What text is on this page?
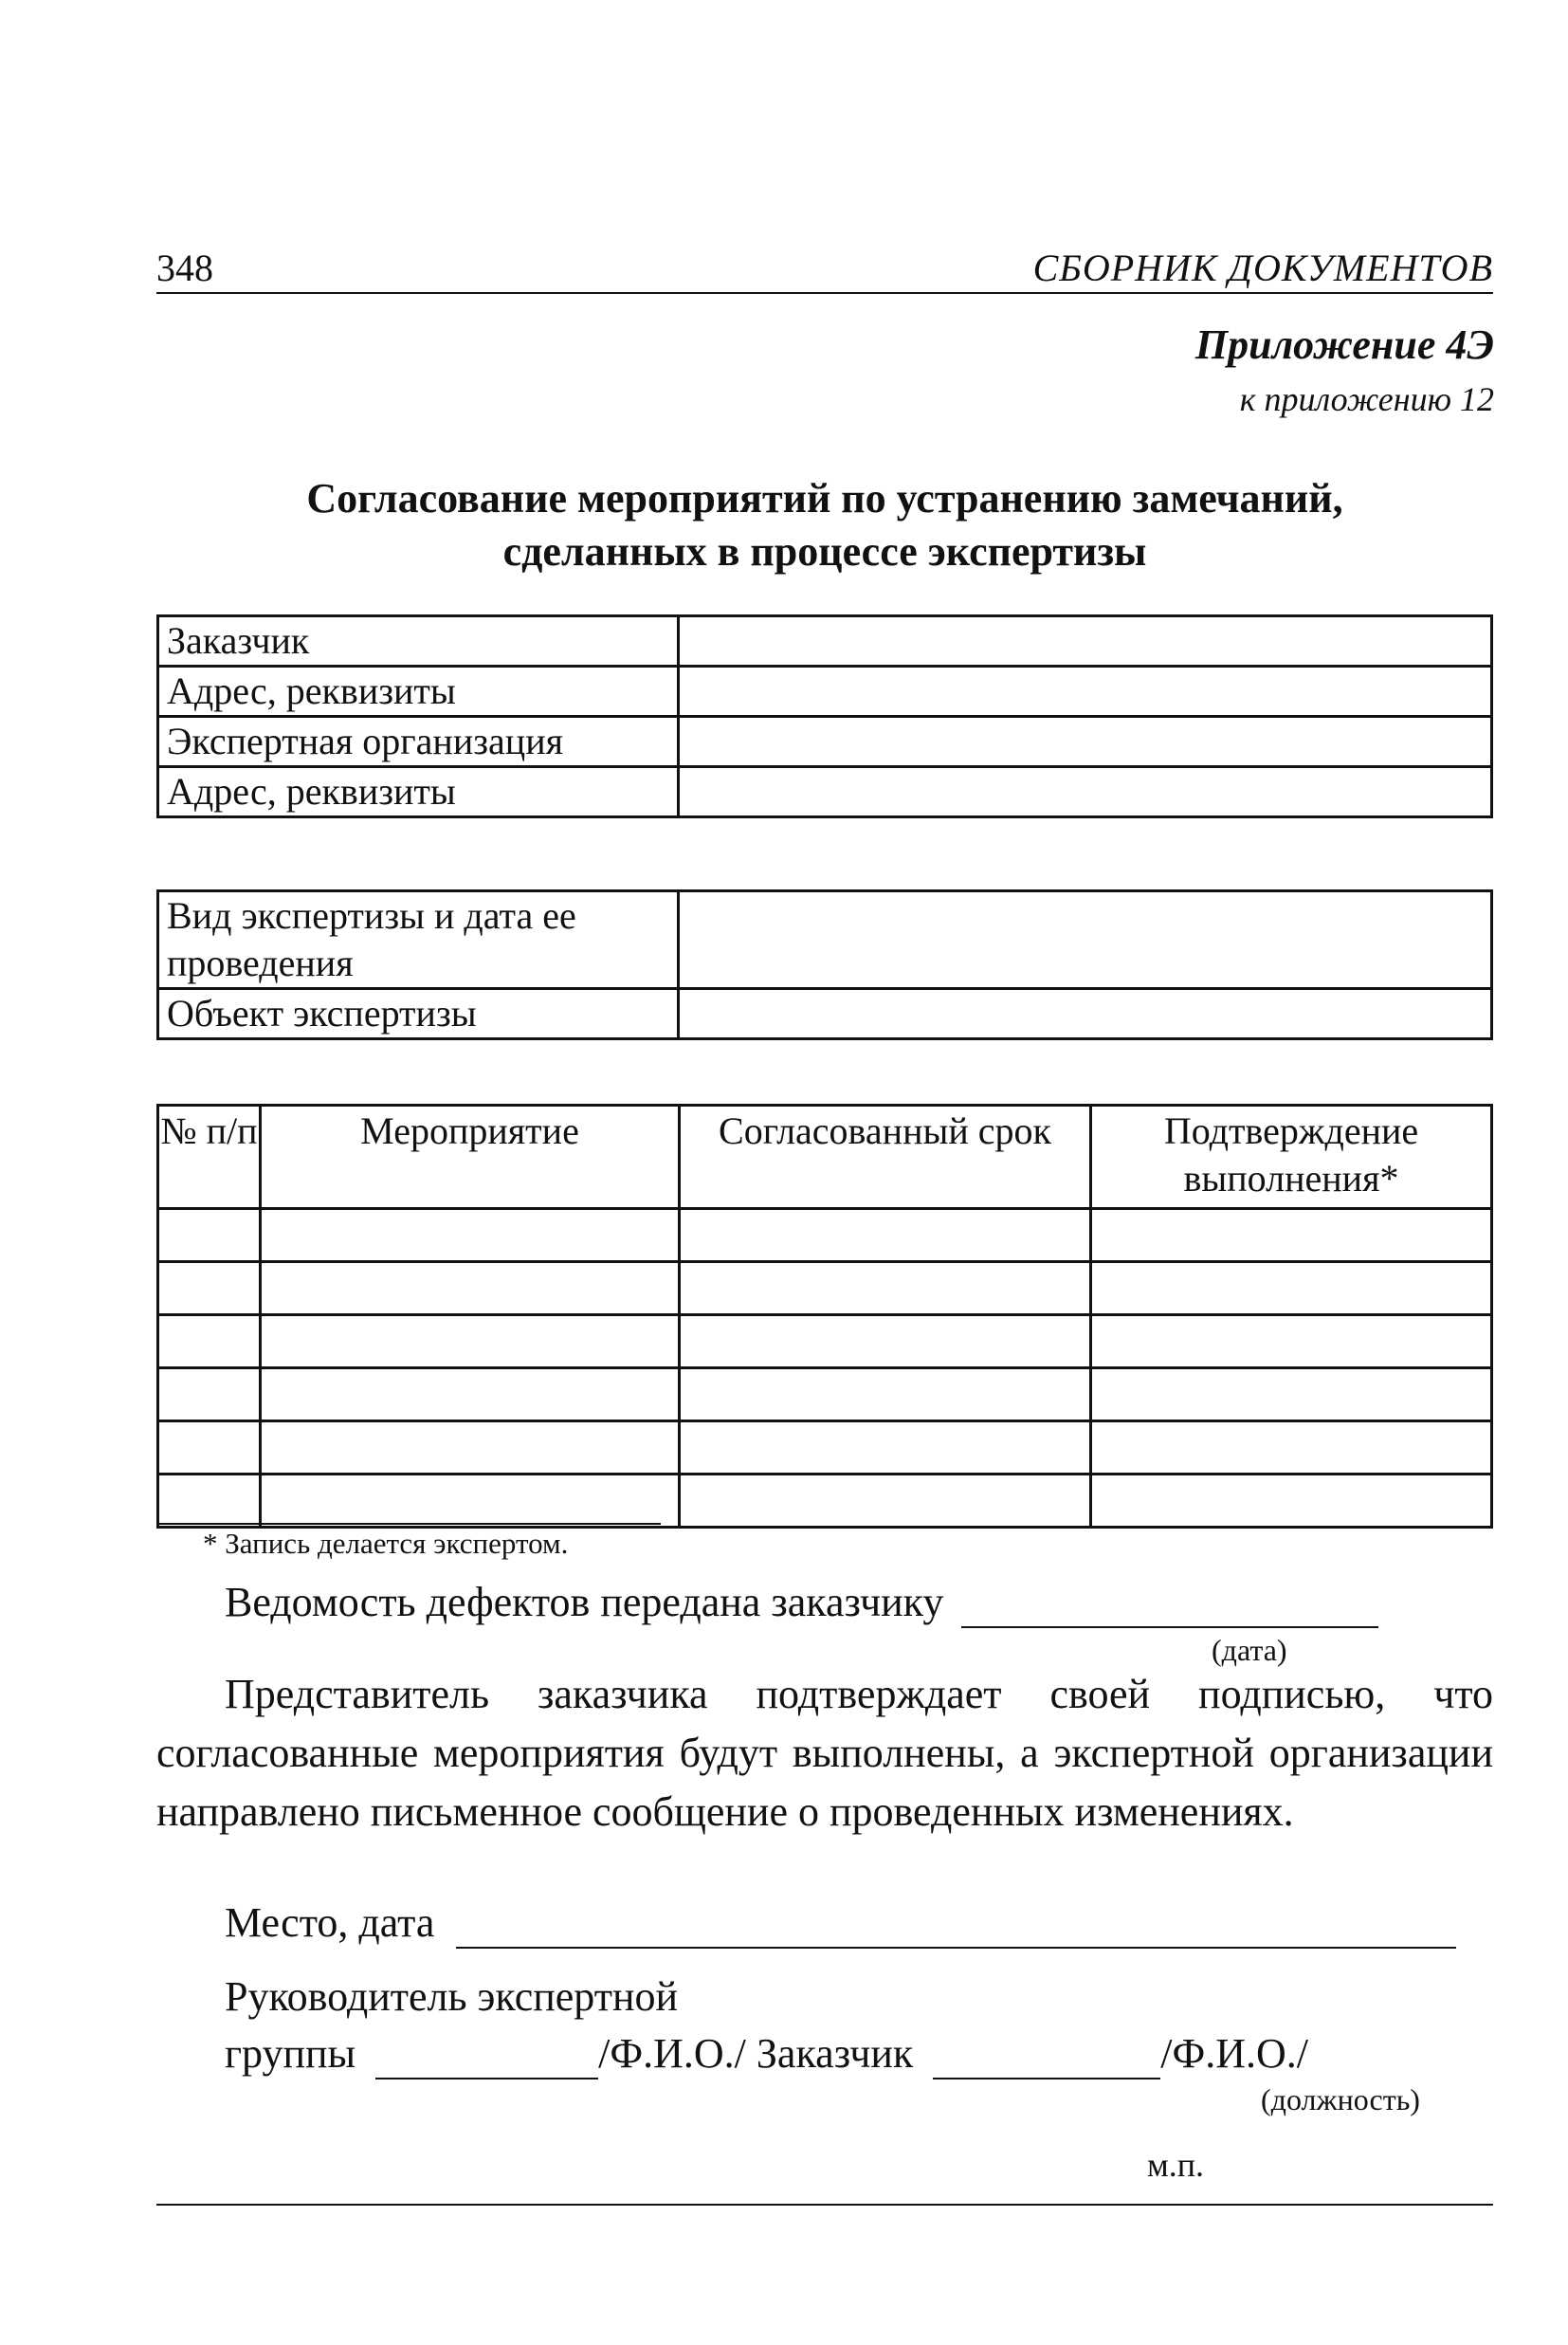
348	СБОРНИК ДОКУМЕНТОВ
Приложение 4Э
к приложению 12
Согласование мероприятий по устранению замечаний,
сделанных в процессе экспертизы
Заказчик	
Адрес, реквизиты	
Экспертная организация	
Адрес, реквизиты	
Вид экспертизы и дата ее проведения	
Объект экспертизы	
№ п/п	Мероприятие	Согласованный срок	Подтверждение выполнения*

* Запись делается экспертом.
Ведомость дефектов передана заказчику
(дата)
Представитель заказчика подтверждает своей подписью, что согласованные мероприятия будут выполнены, а экспертной организации направлено письменное сообщение о проведенных изменениях.
Место, дата
Руководитель экспертной
группы	/Ф.И.О./ Заказчик	/Ф.И.О./
(должность)
м.п.
